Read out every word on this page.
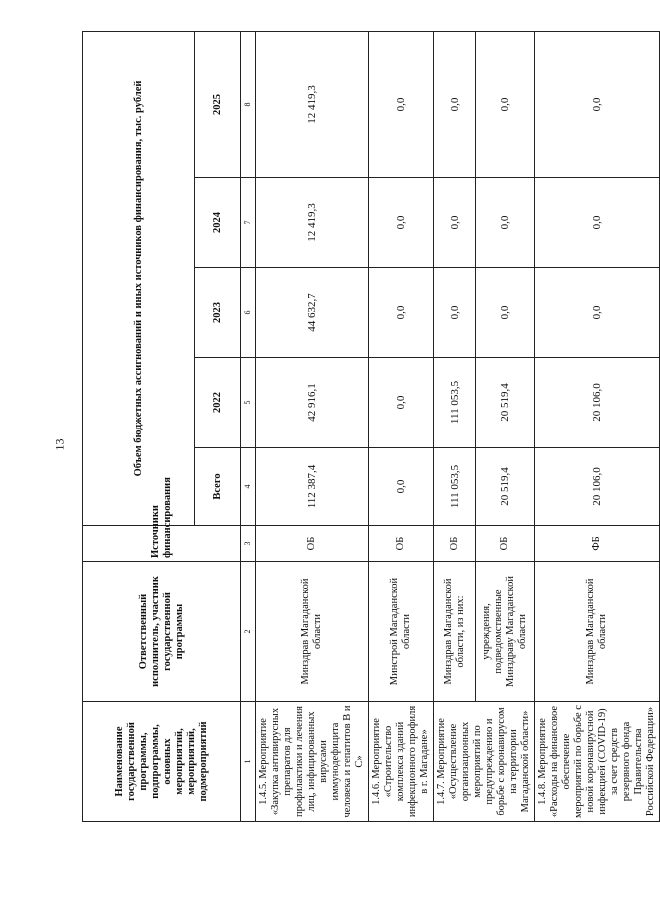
13
Наименование государственной программы, подпрограммы, основных мероприятий, мероприятий, подмероприятий	Ответственный исполнитель, участник государственной программы	Источники финансирования	Объем бюджетных ассигнований и иных источников финансирования, тыс. рублей				
			Всего	2022	2023	2024	2025
1	2	3	4	5	6	7	8
1.4.5. Мероприятие «Закупка антивирусных препаратов для профилактики и лечения лиц, инфицированных вирусами иммунодефицита человека и гепатитов В и С»	Минздрав Магаданской области	ОБ	112 387,4	42 916,1	44 632,7	12 419,3	12 419,3
1.4.6. Мероприятие «Строительство комплекса зданий инфекционного профиля в г. Магадане»	Минстрой Магаданской области	ОБ	0,0	0,0	0,0	0,0	0,0
1.4.7. Мероприятие «Осуществление организационных мероприятий по предупреждению и борьбе с коронавирусом на территории Магаданской области»	Минздрав Магаданской области, из них:	ОБ	111 053,5	111 053,5	0,0	0,0	0,0
	учреждения, подведомственные Минздраву Магаданской области	ОБ	20 519,4	20 519,4	0,0	0,0	0,0
1.4.8. Мероприятие «Расходы на финансовое обеспечение мероприятий по борьбе с новой коронавирусной инфекцией (COVID-19) за счет средств резервного фонда Правительства Российской Федерации»	Минздрав Магаданской области	ФБ	20 106,0	20 106,0	0,0	0,0	0,0
